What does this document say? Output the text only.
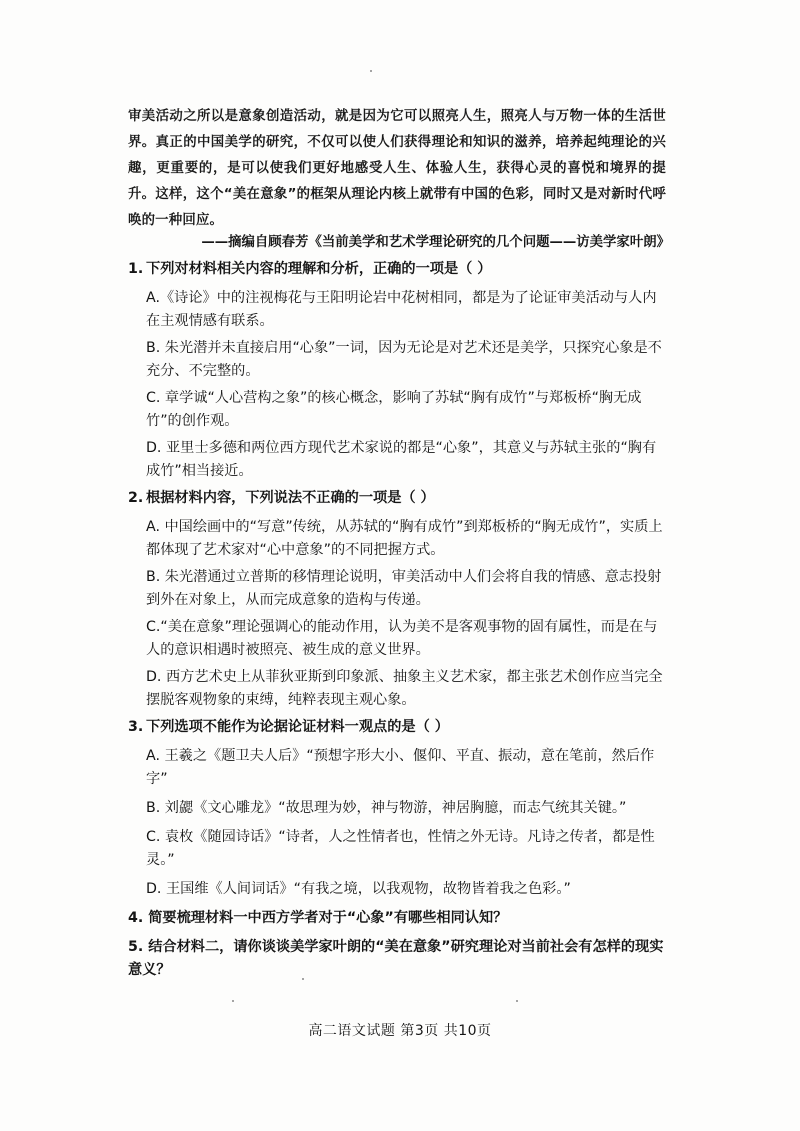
审美活动之所以是意象创造活动，就是因为它可以照亮人生，照亮人与万物一体的生活世界。真正的中国美学的研究，不仅可以使人们获得理论和知识的滋养，培养起纯理论的兴趣，更重要的，是可以使我们更好地感受人生、体验人生，获得心灵的喜悦和境界的提升。这样，这个“美在意象”的框架从理论内核上就带有中国的色彩，同时又是对新时代呼唤的一种回应。
——摘编自顾春芳《当前美学和艺术学理论研究的几个问题——访美学家叶朗》
1. 下列对材料相关内容的理解和分析，正确的一项是（ ）
A.《诗论》中的注视梅花与王阳明论岩中花树相同，都是为了论证审美活动与人内在主观情感有联系。
B. 朱光潜并未直接启用“心象”一词，因为无论是对艺术还是美学，只探究心象是不充分、不完整的。
C. 章学诚“人心营构之象”的核心概念，影响了苏轼“胸有成竹”与郑板桥“胸无成竹”的创作观。
D. 亚里士多德和两位西方现代艺术家说的都是“心象”，其意义与苏轼主张的“胸有成竹”相当接近。
2. 根据材料内容，下列说法不正确的一项是（ ）
A. 中国绘画中的“写意”传统，从苏轼的“胸有成竹”到郑板桥的“胸无成竹”，实质上都体现了艺术家对“心中意象”的不同把握方式。
B. 朱光潜通过立普斯的移情理论说明，审美活动中人们会将自我的情感、意志投射到外在对象上，从而完成意象的造构与传递。
C.“美在意象”理论强调心的能动作用，认为美不是客观事物的固有属性，而是在与人的意识相遇时被照亮、被生成的意义世界。
D. 西方艺术史上从菲狄亚斯到印象派、抽象主义艺术家，都主张艺术创作应当完全摆脱客观物象的束缚，纯粹表现主观心象。
3. 下列选项不能作为论据论证材料一观点的是（ ）
A. 王羲之《题卫夫人后》“预想字形大小、偃仰、平直、振动，意在笔前，然后作字”
B. 刘勰《文心雕龙》“故思理为妙，神与物游，神居胸臆，而志气统其关键。”
C. 袁枚《随园诗话》“诗者，人之性情者也，性情之外无诗。凡诗之传者，都是性灵。”
D. 王国维《人间词话》“有我之境，以我观物，故物皆着我之色彩。”
4. 简要梳理材料一中西方学者对于“心象”有哪些相同认知？
5. 结合材料二，请你谈谈美学家叶朗的“美在意象”研究理论对当前社会有怎样的现实意义？
高二语文试题 第3页 共10页
